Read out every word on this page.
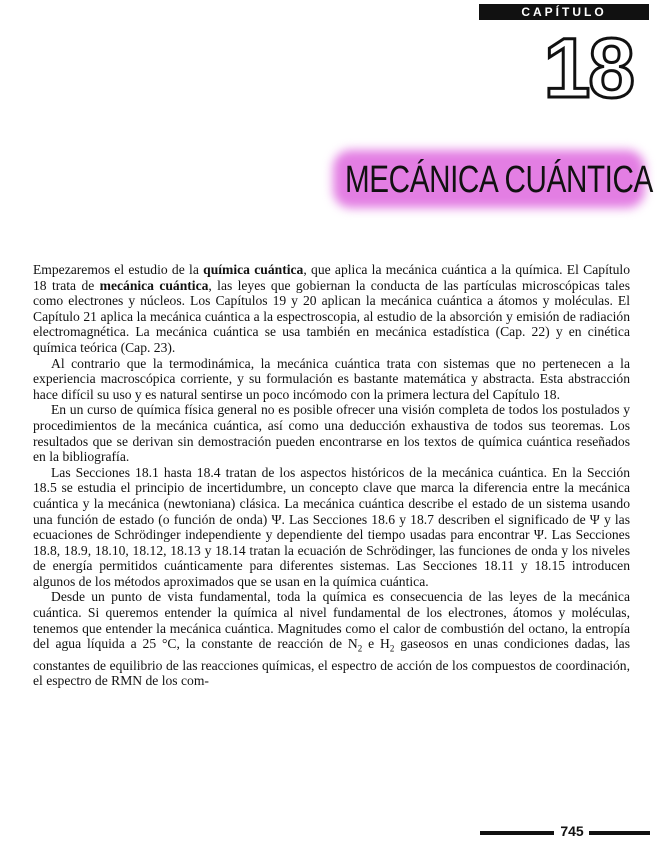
CAPÍTULO
18
MECÁNICA CUÁNTICA

Empezaremos el estudio de la química cuántica, que aplica la mecánica cuántica a la química. El Capítulo 18 trata de mecánica cuántica, las leyes que gobiernan la conducta de las partículas microscópicas tales como electrones y núcleos. Los Capítulos 19 y 20 aplican la mecánica cuántica a átomos y moléculas. El Capítulo 21 aplica la mecánica cuántica a la espectroscopia, al estudio de la absorción y emisión de radiación electromagnética. La mecánica cuántica se usa también en mecánica estadística (Cap. 22) y en cinética química teórica (Cap. 23).

Al contrario que la termodinámica, la mecánica cuántica trata con sistemas que no pertenecen a la experiencia macroscópica corriente, y su formulación es bastante matemática y abstracta. Esta abstracción hace difícil su uso y es natural sentirse un poco incómodo con la primera lectura del Capítulo 18.

En un curso de química física general no es posible ofrecer una visión completa de todos los postulados y procedimientos de la mecánica cuántica, así como una deducción exhaustiva de todos sus teoremas. Los resultados que se derivan sin demostración pueden encontrarse en los textos de química cuántica reseñados en la bibliografía.

Las Secciones 18.1 hasta 18.4 tratan de los aspectos históricos de la mecánica cuántica. En la Sección 18.5 se estudia el principio de incertidumbre, un concepto clave que marca la diferencia entre la mecánica cuántica y la mecánica (newtoniana) clásica. La mecánica cuántica describe el estado de un sistema usando una función de estado (o función de onda) Ψ. Las Secciones 18.6 y 18.7 describen el significado de Ψ y las ecuaciones de Schrödinger independiente y dependiente del tiempo usadas para encontrar Ψ. Las Secciones 18.8, 18.9, 18.10, 18.12, 18.13 y 18.14 tratan la ecuación de Schrödinger, las funciones de onda y los niveles de energía permitidos cuánticamente para diferentes sistemas. Las Secciones 18.11 y 18.15 introducen algunos de los métodos aproximados que se usan en la química cuántica.

Desde un punto de vista fundamental, toda la química es consecuencia de las leyes de la mecánica cuántica. Si queremos entender la química al nivel fundamental de los electrones, átomos y moléculas, tenemos que entender la mecánica cuántica. Magnitudes como el calor de combustión del octano, la entropía del agua líquida a 25 °C, la constante de reacción de $N_2$ e $H_2$ gaseosos en unas condiciones dadas, las constantes de equilibrio de las reacciones químicas, el espectro de acción de los compuestos de coordinación, el espectro de RMN de los com-

745
